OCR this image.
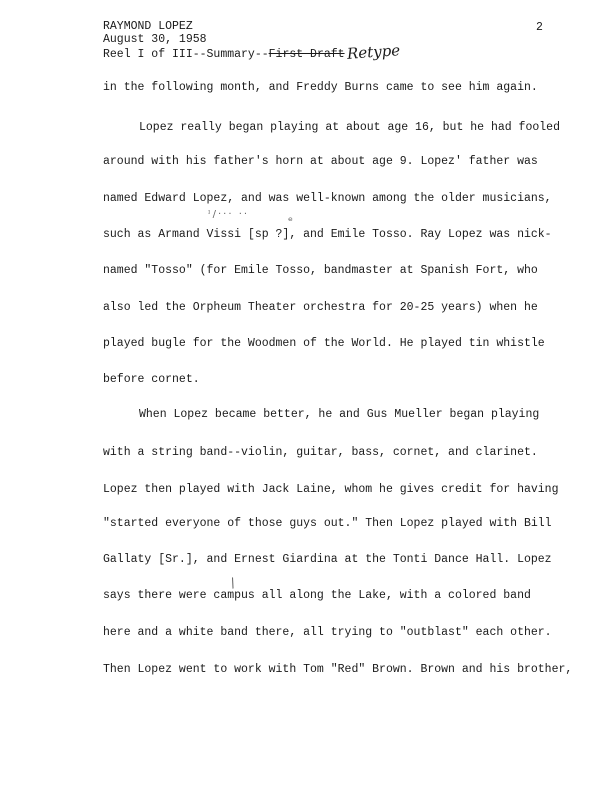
RAYMOND LOPEZ
August 30, 1958
Reel I of III--Summary--First DraftRetype
2
in the following month, and Freddy Burns came to see him again.
Lopez really began playing at about age 16, but he had fooled
around with his father's horn at about age 9. Lopez' father was
named Edward Lopez, and was well-known among the older musicians,
such as Armand Vissi [sp ?], and Emile Tosso. Ray Lopez was nick-
named "Tosso" (for Emile Tosso, bandmaster at Spanish Fort, who
also led the Orpheum Theater orchestra for 20-25 years) when he
played bugle for the Woodmen of the World. He played tin whistle
before cornet.
When Lopez became better, he and Gus Mueller began playing
with a string band--violin, guitar, bass, cornet, and clarinet.
Lopez then played with Jack Laine, whom he gives credit for having
"started everyone of those guys out." Then Lopez played with Bill
Gallaty [Sr.], and Ernest Giardina at the Tonti Dance Hall. Lopez
says there were campus all along the Lake, with a colored band
here and a white band there, all trying to "outblast" each other.
Then Lopez went to work with Tom "Red" Brown. Brown and his brother,
ᶦ/··· ··	ᵉ
/
